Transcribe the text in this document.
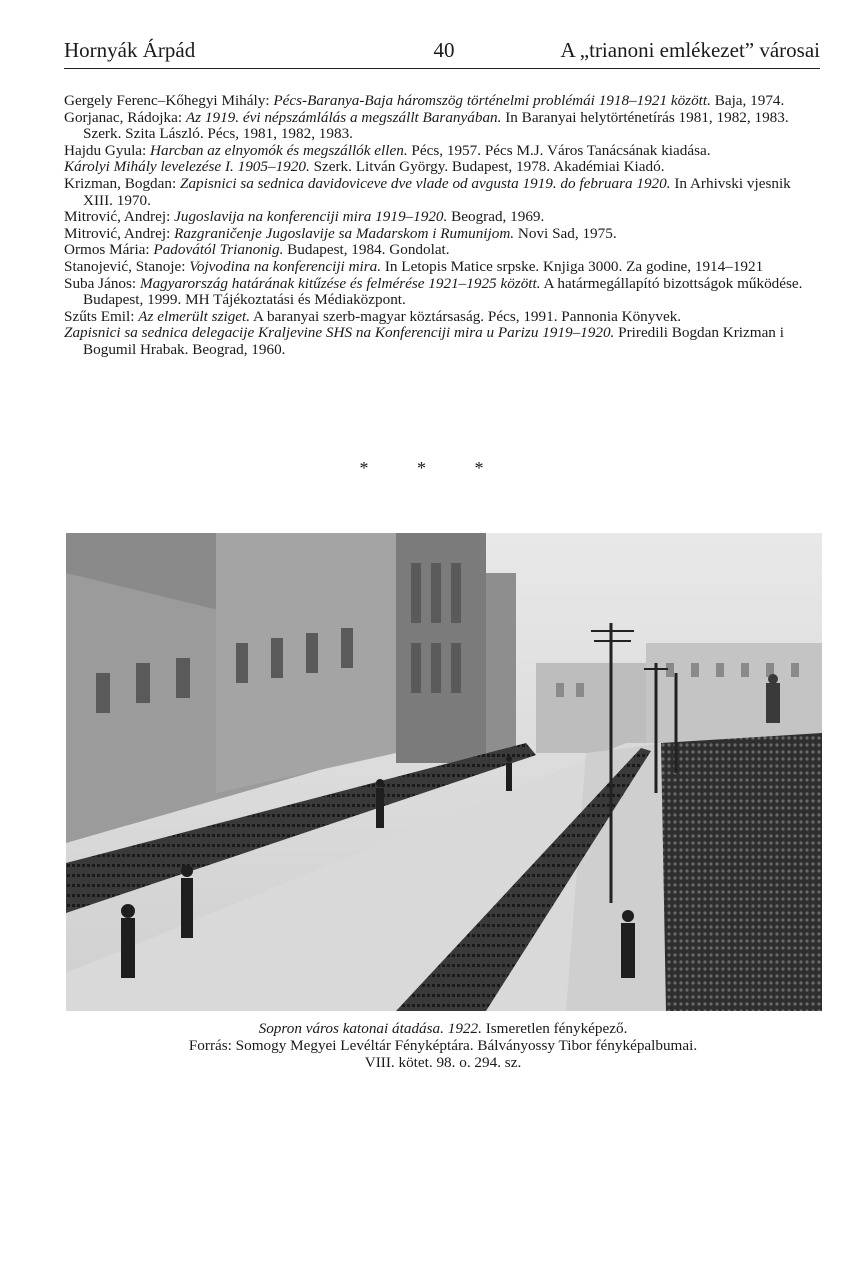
Hornyák Árpád	40	A „trianoni emlékezet” városai

Gergely Ferenc–Kőhegyi Mihály: Pécs-Baranya-Baja háromszög történelmi problémái 1918–1921 között. Baja, 1974.

Gorjanac, Rádojka: Az 1919. évi népszámlálás a megszállt Baranyában. In Baranyai helytörténetírás 1981, 1982, 1983. Szerk. Szita László. Pécs, 1981, 1982, 1983.

Hajdu Gyula: Harcban az elnyomók és megszállók ellen. Pécs, 1957. Pécs M.J. Város Tanácsának kiadása.

Károlyi Mihály levelezése I. 1905–1920. Szerk. Litván György. Budapest, 1978. Akadémiai Kiadó.

Krizman, Bogdan: Zapisnici sa sednica davidoviceve dve vlade od avgusta 1919. do februara 1920. In Arhivski vjesnik XIII. 1970.

Mitrović, Andrej: Jugoslavija na konferenciji mira 1919–1920. Beograd, 1969.

Mitrović, Andrej: Razgraničenje Jugoslavije sa Madarskom i Rumunijom. Novi Sad, 1975.

Ormos Mária: Padovától Trianonig. Budapest, 1984. Gondolat.

Stanojević, Stanoje: Vojvodina na konferenciji mira. In Letopis Matice srpske. Knjiga 3000. Za godine, 1914–1921

Suba János: Magyarország határának kitűzése és felmérése 1921–1925 között. A határmegállapító bizottságok működése. Budapest, 1999. MH Tájékoztatási és Médiaközpont.

Szűts Emil: Az elmerült sziget. A baranyai szerb-magyar köztársaság. Pécs, 1991. Pannonia Könyvek.

Zapisnici sa sednica delegacije Kraljevine SHS na Konferenciji mira u Parizu 1919–1920. Priredili Bogdan Krizman i Bogumil Hrabak. Beograd, 1960.

* * *

Sopron város katonai átadása. 1922. Ismeretlen fényképező.

Forrás: Somogy Megyei Levéltár Fényképtára. Bálványossy Tibor fényképalbumai.

VIII. kötet. 98. o. 294. sz.
